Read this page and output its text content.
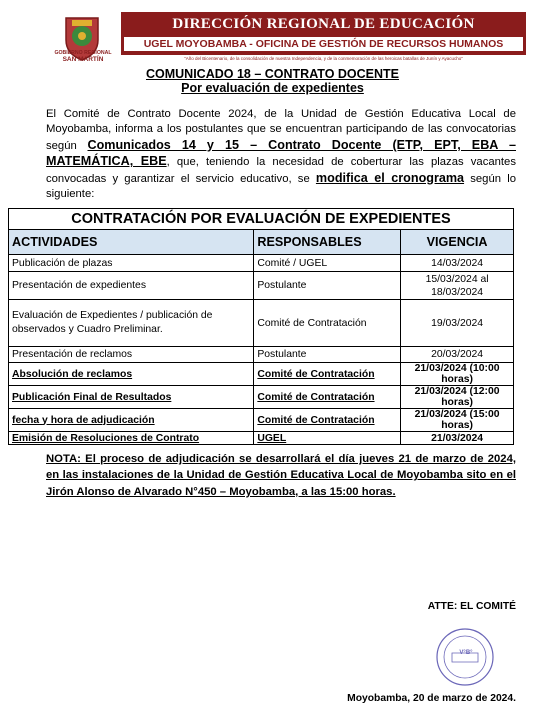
GOBIERNO REGIONAL
SAN MARTÍN
DIRECCIÓN REGIONAL DE EDUCACIÓN
UGEL MOYOBAMBA - OFICINA DE GESTIÓN DE RECURSOS HUMANOS
"Año del Bicentenario, de la consolidación de nuestra Independencia, y de la conmemoración de las heroicas batallas de Junín y Ayacucho"
COMUNICADO 18 – CONTRATO DOCENTE
Por evaluación de expedientes
El Comité de Contrato Docente 2024, de la Unidad de Gestión Educativa Local de Moyobamba, informa a los postulantes que se encuentran participando de las convocatorias según Comunicados 14 y 15 – Contrato Docente (ETP, EPT, EBA – MATEMÁTICA, EBE, que, teniendo la necesidad de coberturar las plazas vacantes convocadas y garantizar el servicio educativo, se modifica el cronograma según lo siguiente:
CONTRATACIÓN POR EVALUACIÓN DE EXPEDIENTES		
ACTIVIDADES	RESPONSABLES	VIGENCIA
Publicación de plazas	Comité / UGEL	14/03/2024
Presentación de expedientes	Postulante	15/03/2024 al 18/03/2024
Evaluación de Expedientes / publicación de observados y Cuadro Preliminar.	Comité de Contratación	19/03/2024
Presentación de reclamos	Postulante	20/03/2024
Absolución de reclamos	Comité de Contratación	21/03/2024 (10:00 horas)
Publicación Final de Resultados	Comité de Contratación	21/03/2024 (12:00 horas)
fecha y hora de adjudicación	Comité de Contratación	21/03/2024 (15:00 horas)
Emisión de Resoluciones de Contrato	UGEL	21/03/2024
NOTA: El proceso de adjudicación se desarrollará el día jueves 21 de marzo de 2024, en las instalaciones de la Unidad de Gestión Educativa Local de Moyobamba sito en el Jirón Alonso de Alvarado N°450 – Moyobamba, a las 15:00 horas.
ATTE: EL COMITÉ
V°B°
Moyobamba, 20 de marzo de 2024.
